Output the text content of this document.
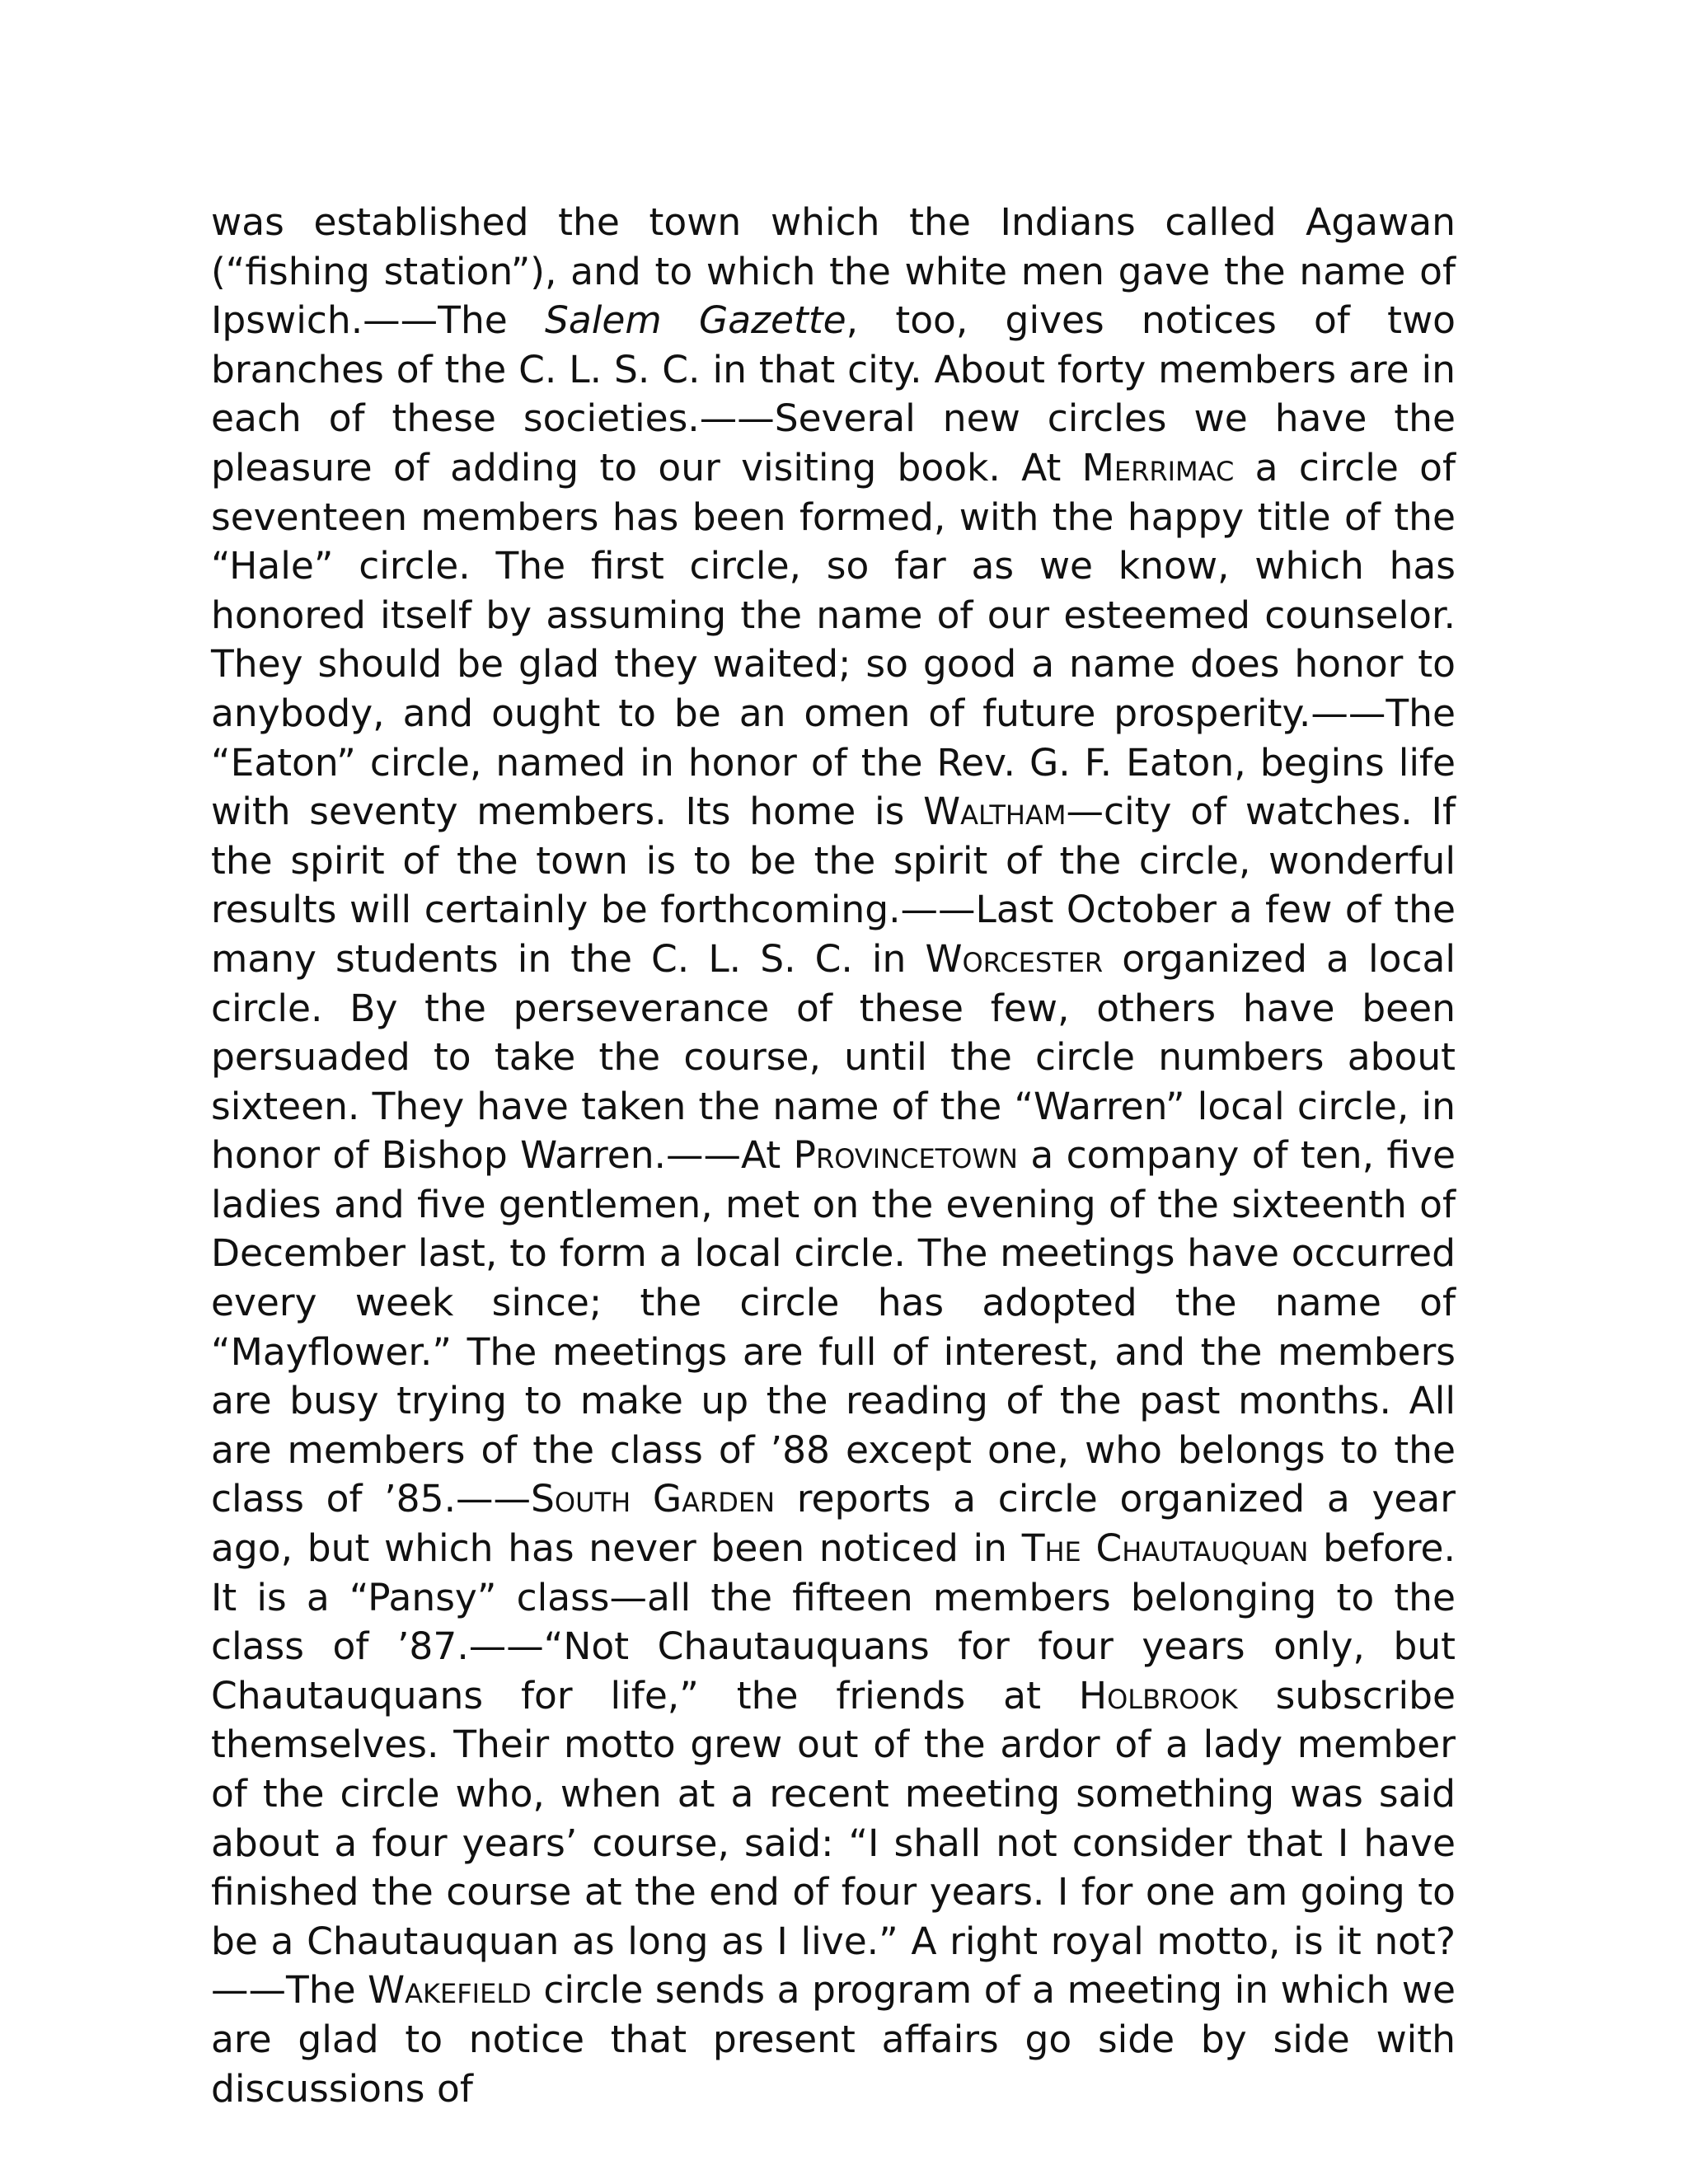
was established the town which the Indians called Agawan (“fishing station”), and to which the white men gave the name of Ipswich.——The Salem Gazette, too, gives notices of two branches of the C. L. S. C. in that city. About forty members are in each of these societies.——Several new circles we have the pleasure of adding to our visiting book. At Merrimac a circle of seventeen members has been formed, with the happy title of the “Hale” circle. The first circle, so far as we know, which has honored itself by assuming the name of our esteemed counselor. They should be glad they waited; so good a name does honor to anybody, and ought to be an omen of future prosperity.——The “Eaton” circle, named in honor of the Rev. G. F. Eaton, begins life with seventy members. Its home is Waltham—city of watches. If the spirit of the town is to be the spirit of the circle, wonderful results will certainly be forthcoming.——Last October a few of the many students in the C. L. S. C. in Worcester organized a local circle. By the perseverance of these few, others have been persuaded to take the course, until the circle numbers about sixteen. They have taken the name of the “Warren” local circle, in honor of Bishop Warren.——At Provincetown a company of ten, five ladies and five gentlemen, met on the evening of the sixteenth of December last, to form a local circle. The meetings have occurred every week since; the circle has adopted the name of “Mayflower.” The meetings are full of interest, and the members are busy trying to make up the reading of the past months. All are members of the class of ’88 except one, who belongs to the class of ’85.——South Garden reports a circle organized a year ago, but which has never been noticed in The Chautauquan before. It is a “Pansy” class—all the fifteen members belonging to the class of ’87.——“Not Chautauquans for four years only, but Chautauquans for life,” the friends at Holbrook subscribe themselves. Their motto grew out of the ardor of a lady member of the circle who, when at a recent meeting something was said about a four years’ course, said: “I shall not consider that I have finished the course at the end of four years. I for one am going to be a Chautauquan as long as I live.” A right royal motto, is it not?——The Wakefield circle sends a program of a meeting in which we are glad to notice that present affairs go side by side with discussions of
